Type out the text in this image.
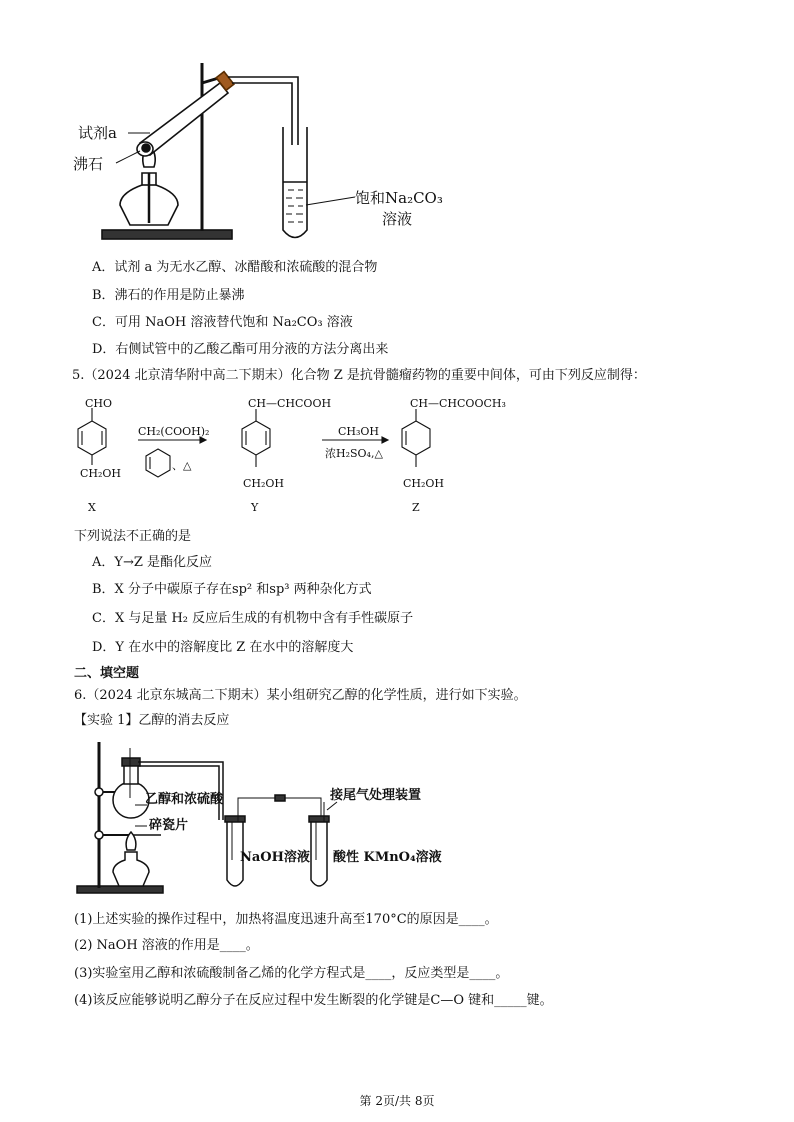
试剂a
沸石
饱和Na₂CO₃
溶液
A．试剂 a 为无水乙醇、冰醋酸和浓硫酸的混合物
B．沸石的作用是防止暴沸
C．可用 NaOH 溶液替代饱和 Na₂CO₃ 溶液
D．右侧试管中的乙酸乙酯可用分液的方法分离出来
5.（2024 北京清华附中高二下期末）化合物 Z 是抗骨髓瘤药物的重要中间体，可由下列反应制得：
CHO
CH₂OH
X
CH₂(COOH)₂
、△
CH—CHCOOH
CH₂OH
Y
CH₃OH
浓H₂SO₄,△
CH—CHCOOCH₃
CH₂OH
Z
下列说法不正确的是
A．Y→Z 是酯化反应
B．X 分子中碳原子存在sp² 和sp³ 两种杂化方式
C．X 与足量 H₂ 反应后生成的有机物中含有手性碳原子
D．Y 在水中的溶解度比 Z 在水中的溶解度大
二、填空题
6.（2024 北京东城高二下期末）某小组研究乙醇的化学性质，进行如下实验。
【实验 1】乙醇的消去反应
乙醇和浓硫酸
碎瓷片
接尾气处理装置
NaOH溶液 酸性 KMnO₄溶液
(1)上述实验的操作过程中，加热将温度迅速升高至170°C的原因是____。
(2) NaOH 溶液的作用是____。
(3)实验室用乙醇和浓硫酸制备乙烯的化学方程式是____，反应类型是____。
(4)该反应能够说明乙醇分子在反应过程中发生断裂的化学键是C—O 键和_____键。
第 2页/共 8页
